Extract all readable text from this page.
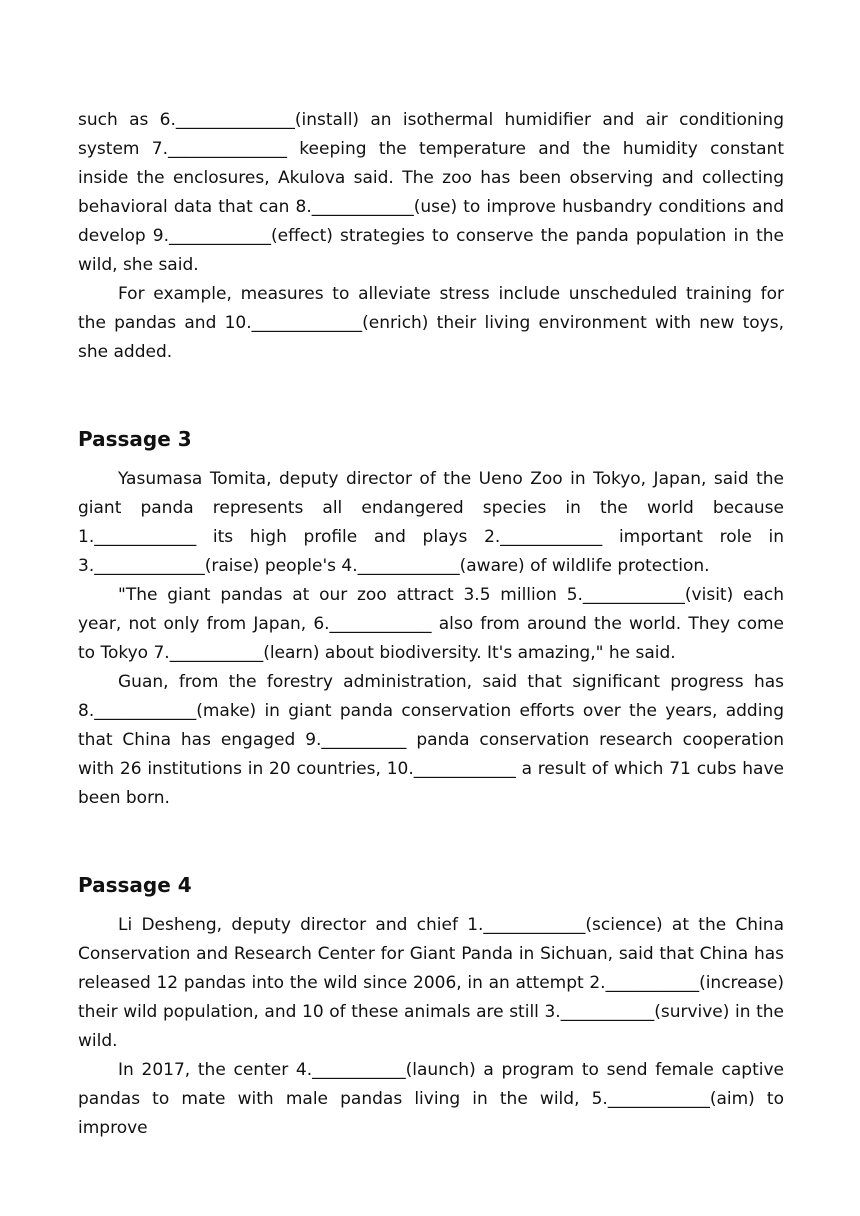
such as 6.______________(install) an isothermal humidifier and air conditioning system 7.______________ keeping the temperature and the humidity constant inside the enclosures, Akulova said. The zoo has been observing and collecting behavioral data that can 8.____________(use) to improve husbandry conditions and develop 9.____________(effect) strategies to conserve the panda population in the wild, she said.

For example, measures to alleviate stress include unscheduled training for the pandas and 10._____________(enrich) their living environment with new toys, she added.

Passage 3

Yasumasa Tomita, deputy director of the Ueno Zoo in Tokyo, Japan, said the giant panda represents all endangered species in the world because 1.____________ its high profile and plays 2.____________ important role in 3._____________(raise) people's 4.____________(aware) of wildlife protection.

"The giant pandas at our zoo attract 3.5 million 5.____________(visit) each year, not only from Japan, 6.____________ also from around the world. They come to Tokyo 7.___________(learn) about biodiversity. It's amazing," he said.

Guan, from the forestry administration, said that significant progress has 8.____________(make) in giant panda conservation efforts over the years, adding that China has engaged 9.__________ panda conservation research cooperation with 26 institutions in 20 countries, 10.____________ a result of which 71 cubs have been born.

Passage 4

Li Desheng, deputy director and chief 1.____________(science) at the China Conservation and Research Center for Giant Panda in Sichuan, said that China has released 12 pandas into the wild since 2006, in an attempt 2.___________(increase) their wild population, and 10 of these animals are still 3.___________(survive) in the wild.

In 2017, the center 4.___________(launch) a program to send female captive pandas to mate with male pandas living in the wild, 5.____________(aim) to improve
